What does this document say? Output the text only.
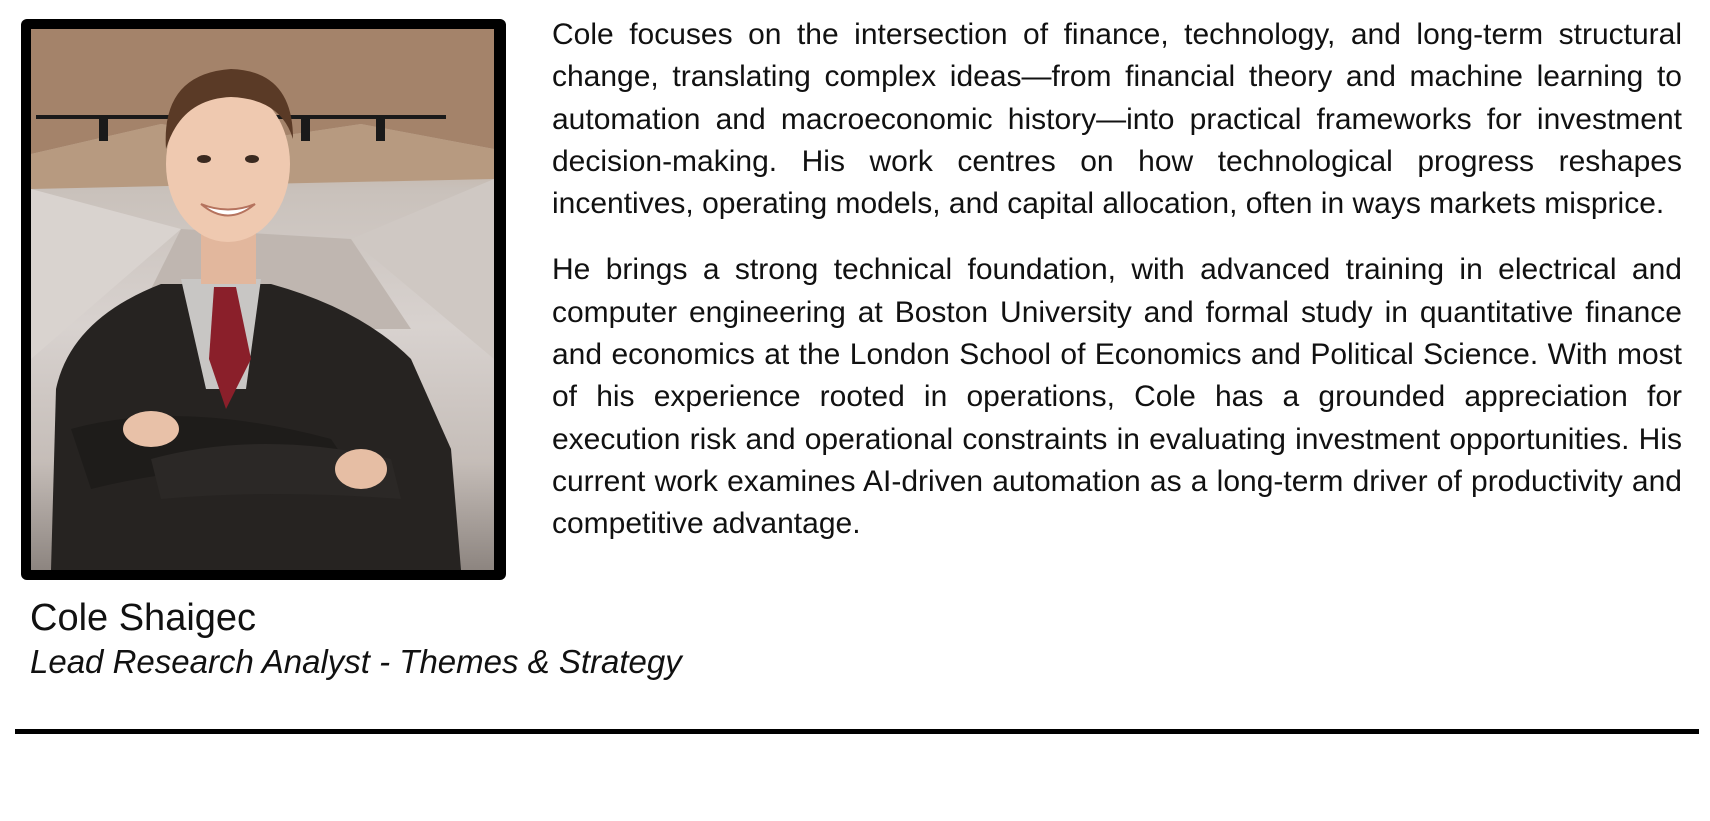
Cole Shaigec
Lead Research Analyst - Themes & Strategy

Cole focuses on the intersection of finance, technology, and long-term structural change, translating complex ideas—from financial theory and machine learning to automation and macroeconomic history—into practical frameworks for investment decision-making. His work centres on how technological progress reshapes incentives, operating models, and capital allocation, often in ways markets misprice.

He brings a strong technical foundation, with advanced training in electrical and computer engineering at Boston University and formal study in quantitative finance and economics at the London School of Economics and Political Science. With most of his experience rooted in operations, Cole has a grounded appreciation for execution risk and operational constraints in evaluating investment opportunities. His current work examines AI-driven automation as a long-term driver of productivity and competitive advantage.
